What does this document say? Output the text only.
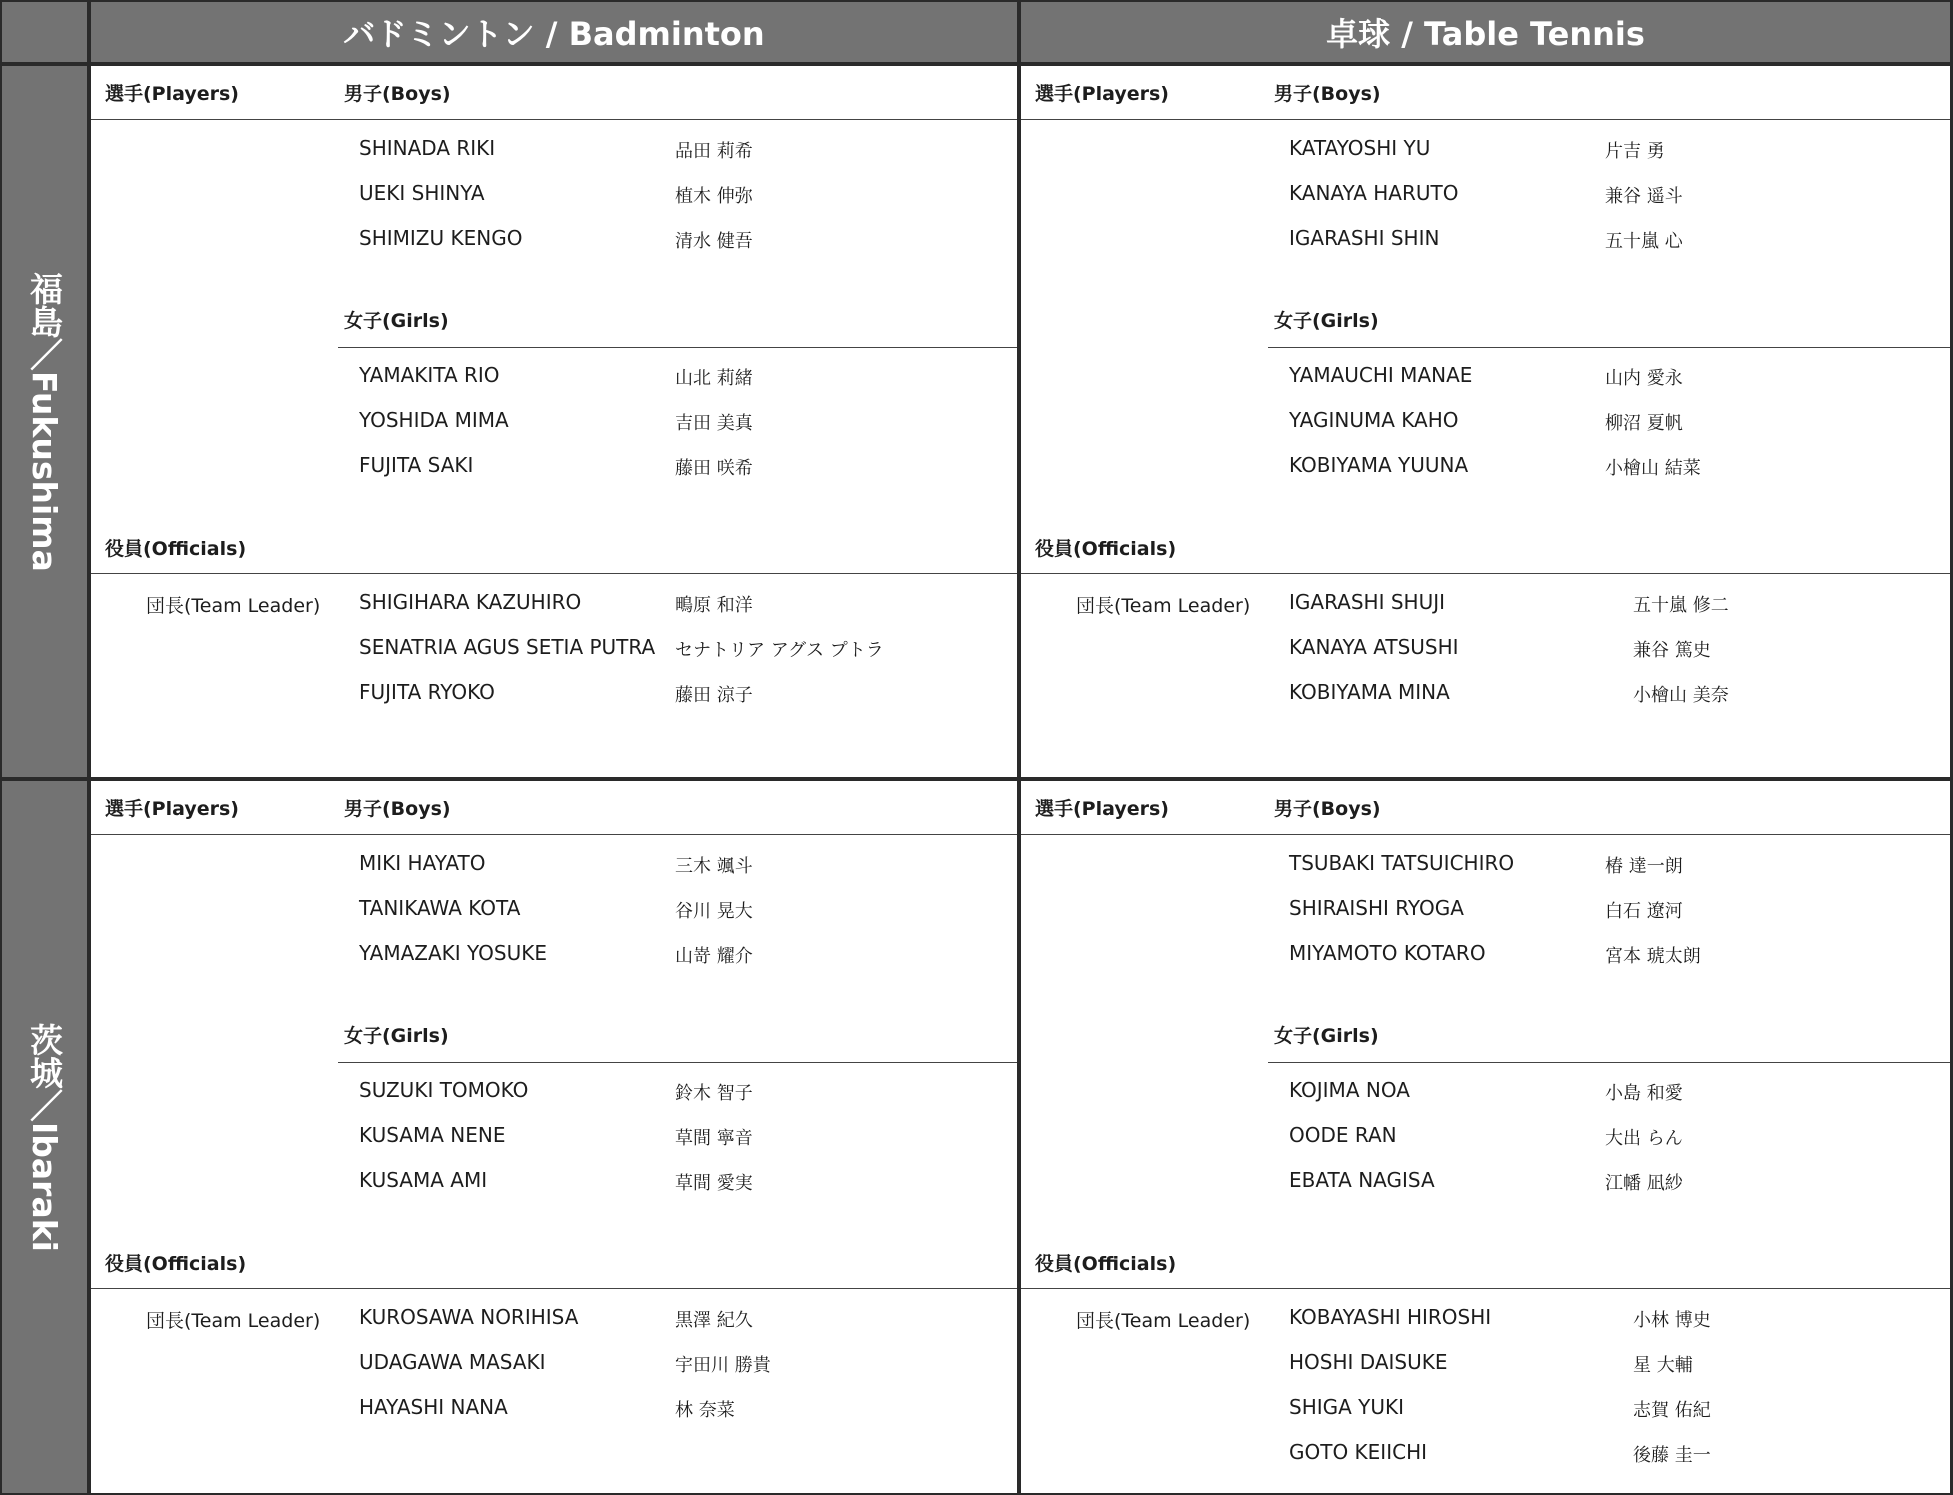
バドミントン / Badminton	卓球 / Table Tennis
福島／Fukushima
茨城／Ibaraki
選手(Players)	男子(Boys)
SHINADA RIKI	品田 莉希
UEKI SHINYA	植木 伸弥
SHIMIZU KENGO	清水 健吾
女子(Girls)
YAMAKITA RIO	山北 莉緒
YOSHIDA MIMA	吉田 美真
FUJITA SAKI	藤田 咲希
役員(Officials)
団長(Team Leader) SHIGIHARA KAZUHIRO	鴫原 和洋
SENATRIA AGUS SETIA PUTRA セナトリア アグス プトラ
FUJITA RYOKO	藤田 涼子
選手(Players)	男子(Boys)
KATAYOSHI YU	片吉 勇
KANAYA HARUTO	兼谷 遥斗
IGARASHI SHIN	五十嵐 心
女子(Girls)
YAMAUCHI MANAE	山内 愛永
YAGINUMA KAHO	柳沼 夏帆
KOBIYAMA YUUNA	小檜山 結菜
役員(Officials)
団長(Team Leader) IGARASHI SHUJI	五十嵐 修二
KANAYA ATSUSHI	兼谷 篤史
KOBIYAMA MINA	小檜山 美奈
選手(Players)	男子(Boys)
MIKI HAYATO	三木 颯斗
TANIKAWA KOTA	谷川 晃大
YAMAZAKI YOSUKE	山嵜 耀介
女子(Girls)
SUZUKI TOMOKO	鈴木 智子
KUSAMA NENE	草間 寧音
KUSAMA AMI	草間 愛実
役員(Officials)
団長(Team Leader) KUROSAWA NORIHISA	黒澤 紀久
UDAGAWA MASAKI	宇田川 勝貴
HAYASHI NANA	林 奈菜
選手(Players)	男子(Boys)
TSUBAKI TATSUICHIRO	椿 達一朗
SHIRAISHI RYOGA	白石 遼河
MIYAMOTO KOTARO	宮本 琥太朗
女子(Girls)
KOJIMA NOA	小島 和愛
OODE RAN	大出 らん
EBATA NAGISA	江幡 凪紗
役員(Officials)
団長(Team Leader) KOBAYASHI HIROSHI	小林 博史
HOSHI DAISUKE	星 大輔
SHIGA YUKI	志賀 佑紀
GOTO KEIICHI	後藤 圭一
